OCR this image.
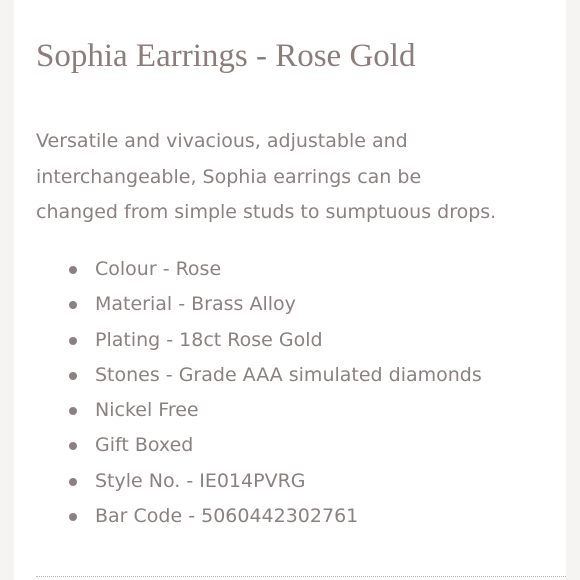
Sophia Earrings - Rose Gold

Versatile and vivacious, adjustable and
interchangeable, Sophia earrings can be
changed from simple studs to sumptuous drops.

Colour - Rose
Material - Brass Alloy
Plating - 18ct Rose Gold
Stones - Grade AAA simulated diamonds
Nickel Free
Gift Boxed
Style No. - IE014PVRG
Bar Code - 5060442302761
